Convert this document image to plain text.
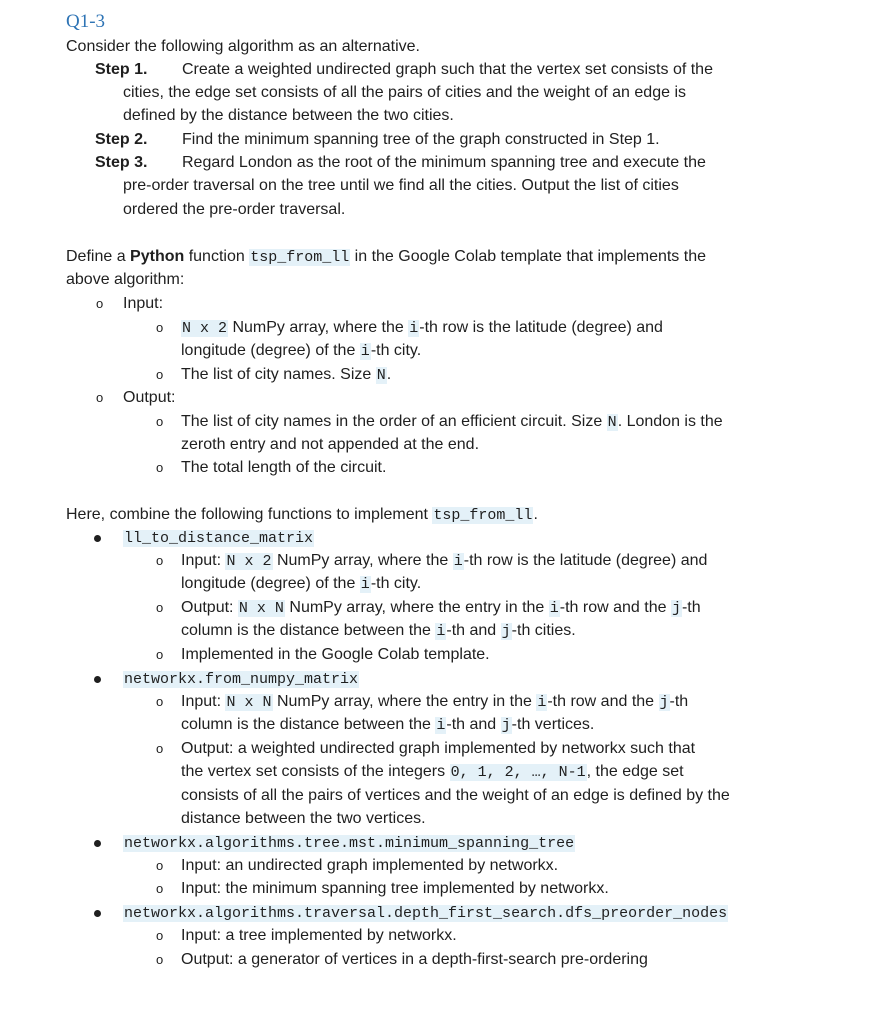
Q1-3
Consider the following algorithm as an alternative.
Step 1. Create a weighted undirected graph such that the vertex set consists of the
cities, the edge set consists of all the pairs of cities and the weight of an edge is
defined by the distance between the two cities.
Step 2. Find the minimum spanning tree of the graph constructed in Step 1.
Step 3. Regard London as the root of the minimum spanning tree and execute the
pre-order traversal on the tree until we find all the cities. Output the list of cities
ordered the pre-order traversal.
Define a Python function tsp_from_ll in the Google Colab template that implements the
above algorithm:
o Input:
o N x 2 NumPy array, where the i-th row is the latitude (degree) and
longitude (degree) of the i-th city.
o The list of city names. Size N.
o Output:
o The list of city names in the order of an efficient circuit. Size N. London is the
zeroth entry and not appended at the end.
o The total length of the circuit.
Here, combine the following functions to implement tsp_from_ll.
ll_to_distance_matrix
o Input: N x 2 NumPy array, where the i-th row is the latitude (degree) and
longitude (degree) of the i-th city.
o Output: N x N NumPy array, where the entry in the i-th row and the j-th
column is the distance between the i-th and j-th cities.
o Implemented in the Google Colab template.
networkx.from_numpy_matrix
o Input: N x N NumPy array, where the entry in the i-th row and the j-th
column is the distance between the i-th and j-th vertices.
o Output: a weighted undirected graph implemented by networkx such that
the vertex set consists of the integers 0, 1, 2, …, N-1, the edge set
consists of all the pairs of vertices and the weight of an edge is defined by the
distance between the two vertices.
networkx.algorithms.tree.mst.minimum_spanning_tree
o Input: an undirected graph implemented by networkx.
o Input: the minimum spanning tree implemented by networkx.
networkx.algorithms.traversal.depth_first_search.dfs_preorder_nodes
o Input: a tree implemented by networkx.
o Output: a generator of vertices in a depth-first-search pre-ordering
